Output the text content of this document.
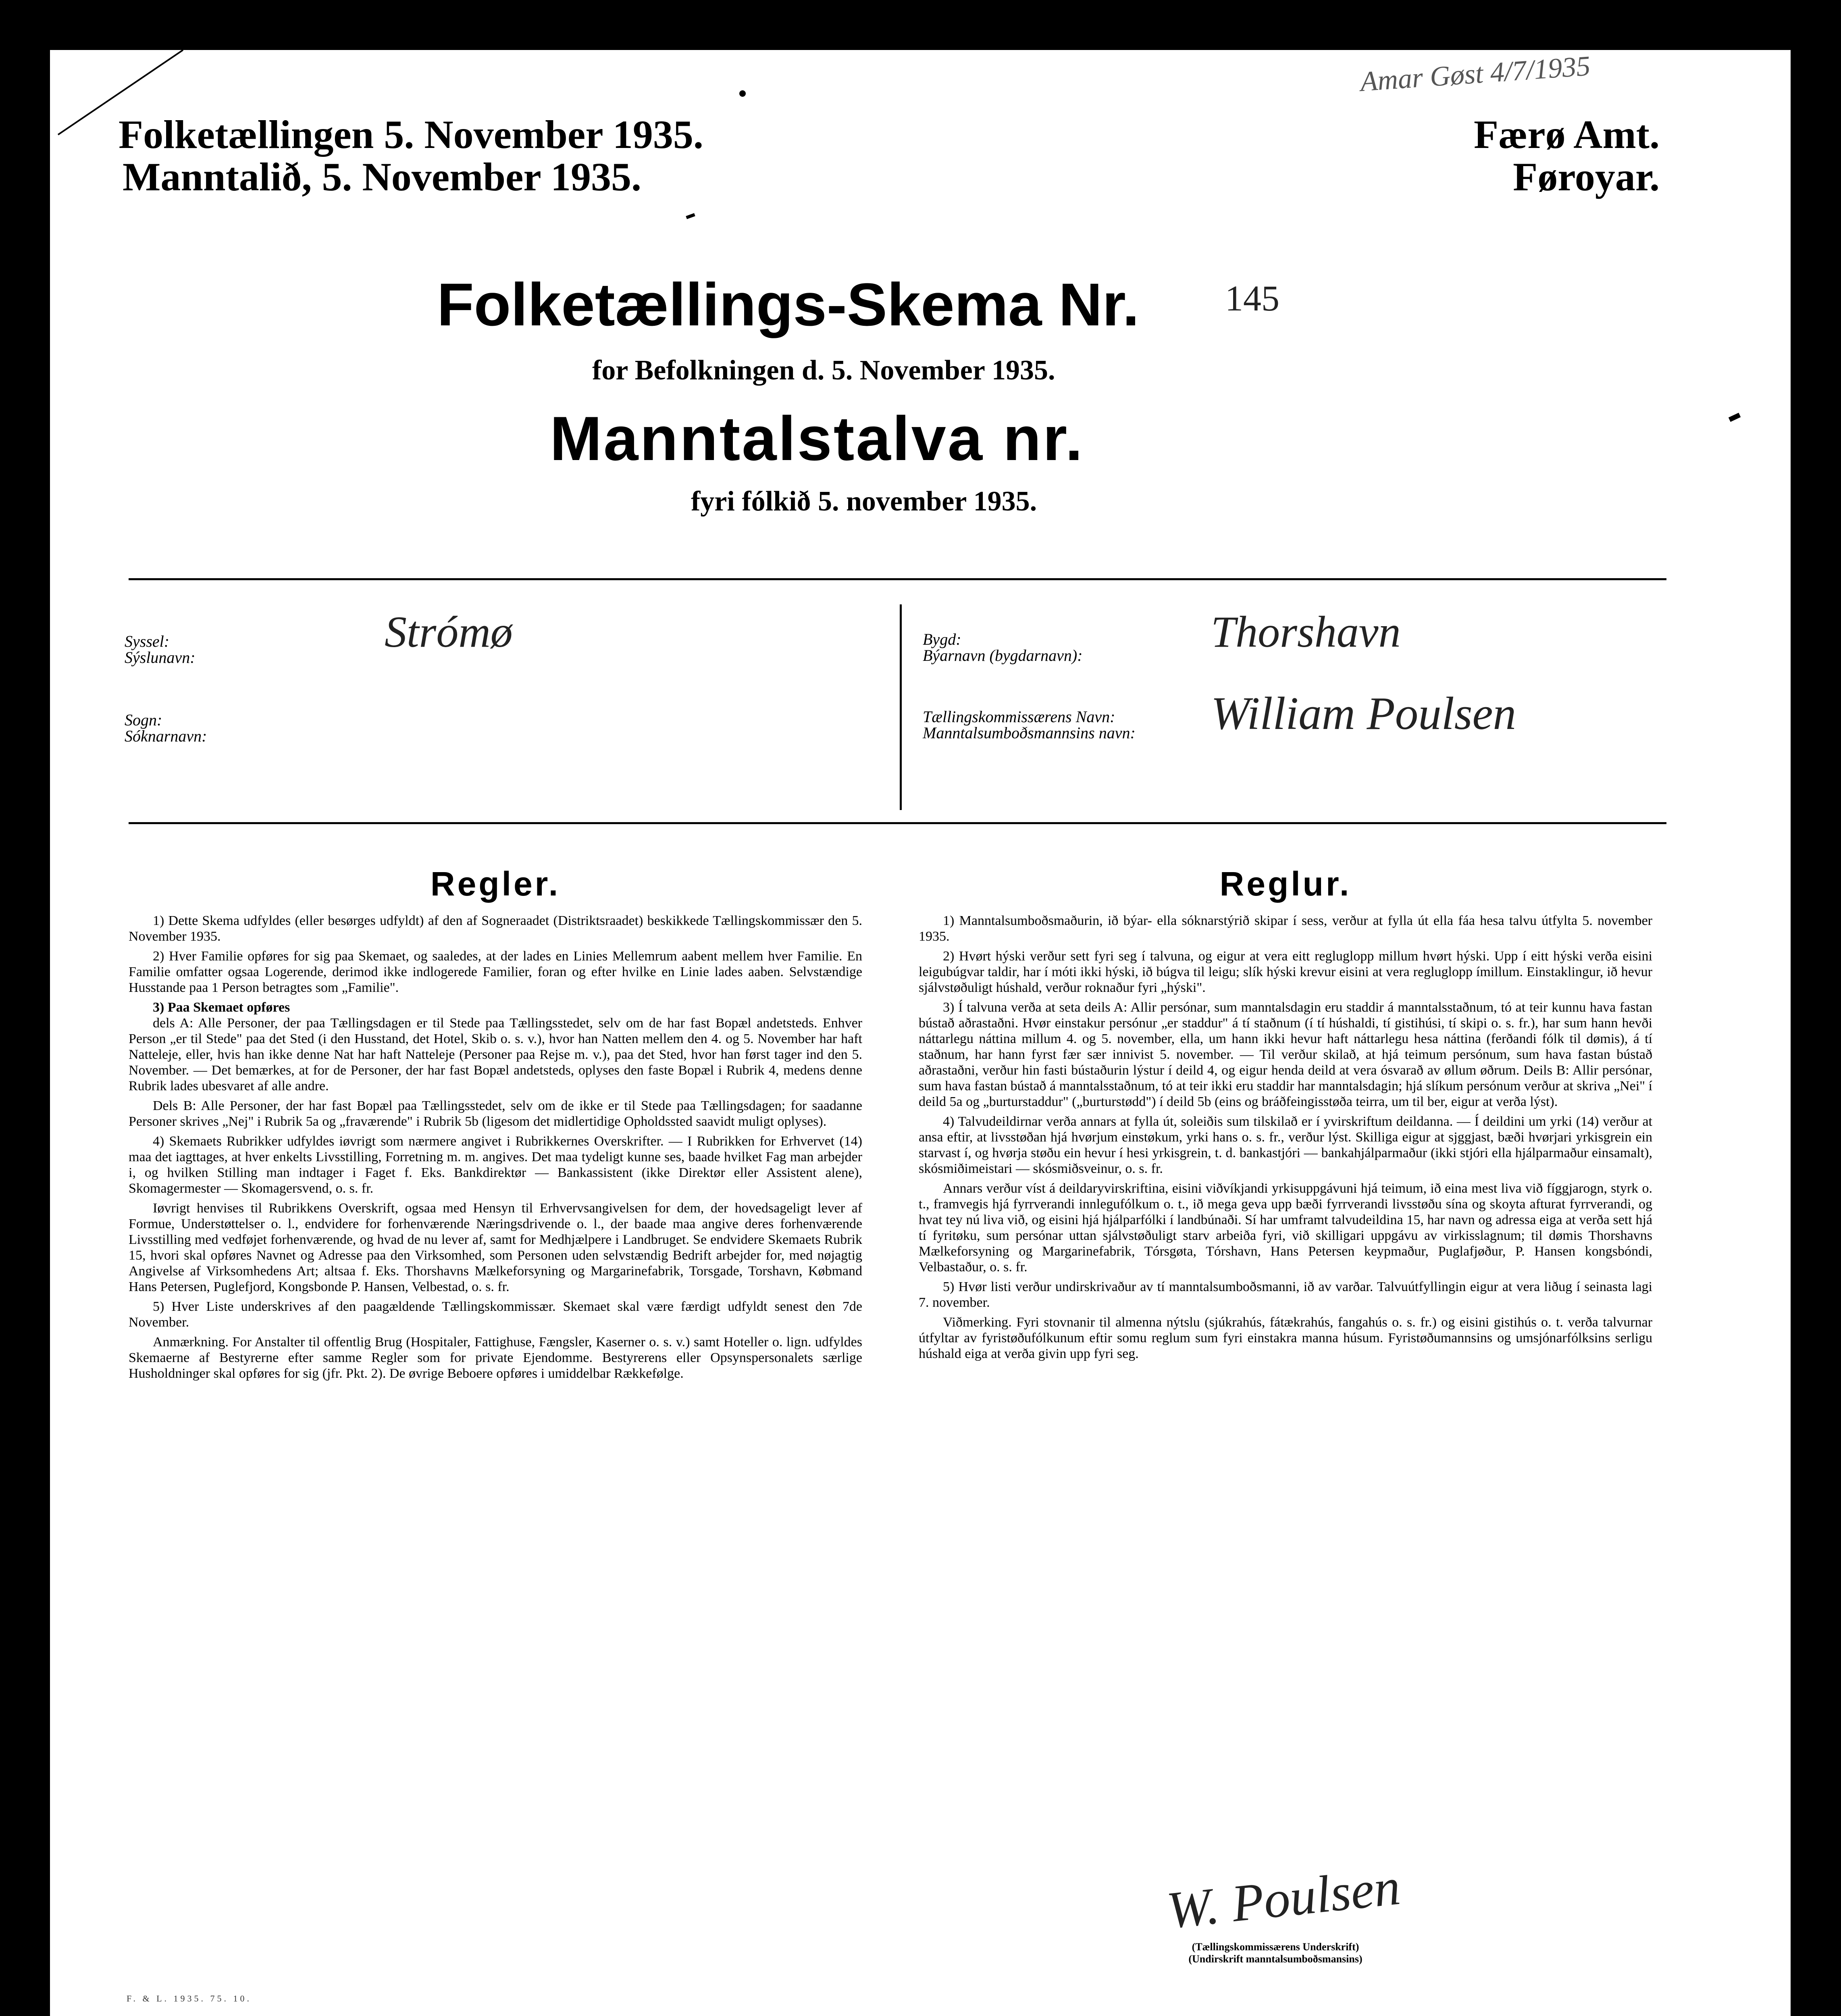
Folketællingen 5. November 1935.
Manntalið, 5. November 1935.
Amar Gøst 4/7/1935
Færø Amt.
Føroyar.
Folketællings-Skema Nr. 145
for Befolkningen d. 5. November 1935.
Manntalstalva nr.
fyri fólkið 5. november 1935.
Syssel:
Sýslunavn:
Strómø
Sogn:
Sóknarnavn:
Bygd:
Býarnavn (bygdarnavn):	Thorshavn
Tællingskommissærens Navn:
Manntalsumboðsmannsins navn: William Poulsen
Regler.

1) Dette Skema udfyldes (eller besørges udfyldt) af den af Sogneraadet (Distriktsraadet) beskikkede Tællingskommissær den 5. November 1935.

2) Hver Familie opføres for sig paa Skemaet, og saaledes, at der lades en Linies Mellemrum aabent mellem hver Familie. En Familie omfatter ogsaa Logerende, derimod ikke indlogerede Familier, foran og efter hvilke en Linie lades aaben. Selvstændige Husstande paa 1 Person betragtes som „Familie".

3) Paa Skemaet opføres

dels A: Alle Personer, der paa Tællingsdagen er til Stede paa Tællingsstedet, selv om de har fast Bopæl andetsteds. Enhver Person „er til Stede" paa det Sted (i den Husstand, det Hotel, Skib o. s. v.), hvor han Natten mellem den 4. og 5. November har haft Natteleje, eller, hvis han ikke denne Nat har haft Natteleje (Personer paa Rejse m. v.), paa det Sted, hvor han først tager ind den 5. November. — Det bemærkes, at for de Personer, der har fast Bopæl andetsteds, oplyses den faste Bopæl i Rubrik 4, medens denne Rubrik lades ubesvaret af alle andre.

Dels B: Alle Personer, der har fast Bopæl paa Tællingsstedet, selv om de ikke er til Stede paa Tællingsdagen; for saadanne Personer skrives „Nej" i Rubrik 5a og „fraværende" i Rubrik 5b (ligesom det midlertidige Opholdssted saavidt muligt oplyses).

4) Skemaets Rubrikker udfyldes iøvrigt som nærmere angivet i Rubrikkernes Overskrifter. — I Rubrikken for Erhvervet (14) maa det iagttages, at hver enkelts Livsstilling, Forretning m. m. angives. Det maa tydeligt kunne ses, baade hvilket Fag man arbejder i, og hvilken Stilling man indtager i Faget f. Eks. Bankdirektør — Bankassistent (ikke Direktør eller Assistent alene), Skomagermester — Skomagersvend, o. s. fr.

Iøvrigt henvises til Rubrikkens Overskrift, ogsaa med Hensyn til Erhvervsangivelsen for dem, der hovedsageligt lever af Formue, Understøttelser o. l., endvidere for forhenværende Næringsdrivende o. l., der baade maa angive deres forhenværende Livsstilling med vedføjet forhenværende, og hvad de nu lever af, samt for Medhjælpere i Landbruget. Se endvidere Skemaets Rubrik 15, hvori skal opføres Navnet og Adresse paa den Virksomhed, som Personen uden selvstændig Bedrift arbejder for, med nøjagtig Angivelse af Virksomhedens Art; altsaa f. Eks. Thorshavns Mælkeforsyning og Margarinefabrik, Torsgade, Torshavn, Købmand Hans Petersen, Puglefjord, Kongsbonde P. Hansen, Velbestad, o. s. fr.

5) Hver Liste underskrives af den paagældende Tællingskommissær. Skemaet skal være færdigt udfyldt senest den 7de November.

Anmærkning. For Anstalter til offentlig Brug (Hospitaler, Fattighuse, Fængsler, Kaserner o. s. v.) samt Hoteller o. lign. udfyldes Skemaerne af Bestyrerne efter samme Regler som for private Ejendomme. Bestyrerens eller Opsynspersonalets særlige Husholdninger skal opføres for sig (jfr. Pkt. 2). De øvrige Beboere opføres i umiddelbar Rækkefølge.

Reglur.

1) Manntalsumboðsmaðurin, ið býar- ella sóknarstýrið skipar í sess, verður at fylla út ella fáa hesa talvu útfylta 5. november 1935.

2) Hvørt hýski verður sett fyri seg í talvuna, og eigur at vera eitt regluglopp millum hvørt hýski. Upp í eitt hýski verða eisini leigubúgvar taldir, har í móti ikki hýski, ið búgva til leigu; slík hýski krevur eisini at vera regluglopp ímillum. Einstaklingur, ið hevur sjálvstøðuligt húshald, verður roknaður fyri „hýski".

3) Í talvuna verða at seta deils A: Allir persónar, sum manntalsdagin eru staddir á manntalsstaðnum, tó at teir kunnu hava fastan bústað aðrastaðni. Hvør einstakur persónur „er staddur" á tí staðnum (í tí húshaldi, tí gistihúsi, tí skipi o. s. fr.), har sum hann hevði náttarlegu náttina millum 4. og 5. november, ella, um hann ikki hevur haft náttarlegu hesa náttina (ferðandi fólk til dømis), á tí staðnum, har hann fyrst fær sær innivist 5. november. — Til verður skilað, at hjá teimum persónum, sum hava fastan bústað aðrastaðni, verður hin fasti bústaðurin lýstur í deild 4, og eigur henda deild at vera ósvarað av øllum øðrum. Deils B: Allir persónar, sum hava fastan bústað á manntalsstaðnum, tó at teir ikki eru staddir har manntalsdagin; hjá slíkum persónum verður at skriva „Nei" í deild 5a og „burturstaddur" („burturstødd") í deild 5b (eins og bráðfeingisstøða teirra, um til ber, eigur at verða lýst).

4) Talvudeildirnar verða annars at fylla út, soleiðis sum tilskilað er í yvirskriftum deildanna. — Í deildini um yrki (14) verður at ansa eftir, at livsstøðan hjá hvørjum einstøkum, yrki hans o. s. fr., verður lýst. Skilliga eigur at sjggjast, bæði hvørjari yrkisgrein ein starvast í, og hvørja støðu ein hevur í hesi yrkisgrein, t. d. bankastjóri — bankahjálparmaður (ikki stjóri ella hjálparmaður einsamalt), skósmiðimeistari — skósmiðsveinur, o. s. fr.

Annars verður víst á deildaryvirskriftina, eisini viðvíkjandi yrkisuppgávuni hjá teimum, ið eina mest liva við fíggjarogn, styrk o. t., framvegis hjá fyrrverandi innlegufólkum o. t., ið mega geva upp bæði fyrrverandi livsstøðu sína og skoyta afturat fyrrverandi, og hvat tey nú liva við, og eisini hjá hjálparfólki í landbúnaði. Sí har umframt talvudeildina 15, har navn og adressa eiga at verða sett hjá tí fyritøku, sum persónar uttan sjálvstøðuligt starv arbeiða fyri, við skilligari uppgávu av virkisslagnum; til dømis Thorshavns Mælkeforsyning og Margarinefabrik, Tórsgøta, Tórshavn, Hans Petersen keypmaður, Puglafjøður, P. Hansen kongsbóndi, Velbastaður, o. s. fr.

5) Hvør listi verður undirskrivaður av tí manntalsumboðsmanni, ið av varðar. Talvuútfyllingin eigur at vera liðug í seinasta lagi 7. november.

Viðmerking. Fyri stovnanir til almenna nýtslu (sjúkrahús, fátækrahús, fangahús o. s. fr.) og eisini gistihús o. t. verða talvurnar útfyltar av fyristøðufólkunum eftir somu reglum sum fyri einstakra manna húsum. Fyristøðumannsins og umsjónarfólksins serligu húshald eiga at verða givin upp fyri seg.

W. Poulsen
(Tællingskommissærens Underskrift)
(Undirskrift manntalsumboðsmansins)
F. & L. 1935. 75. 10.
